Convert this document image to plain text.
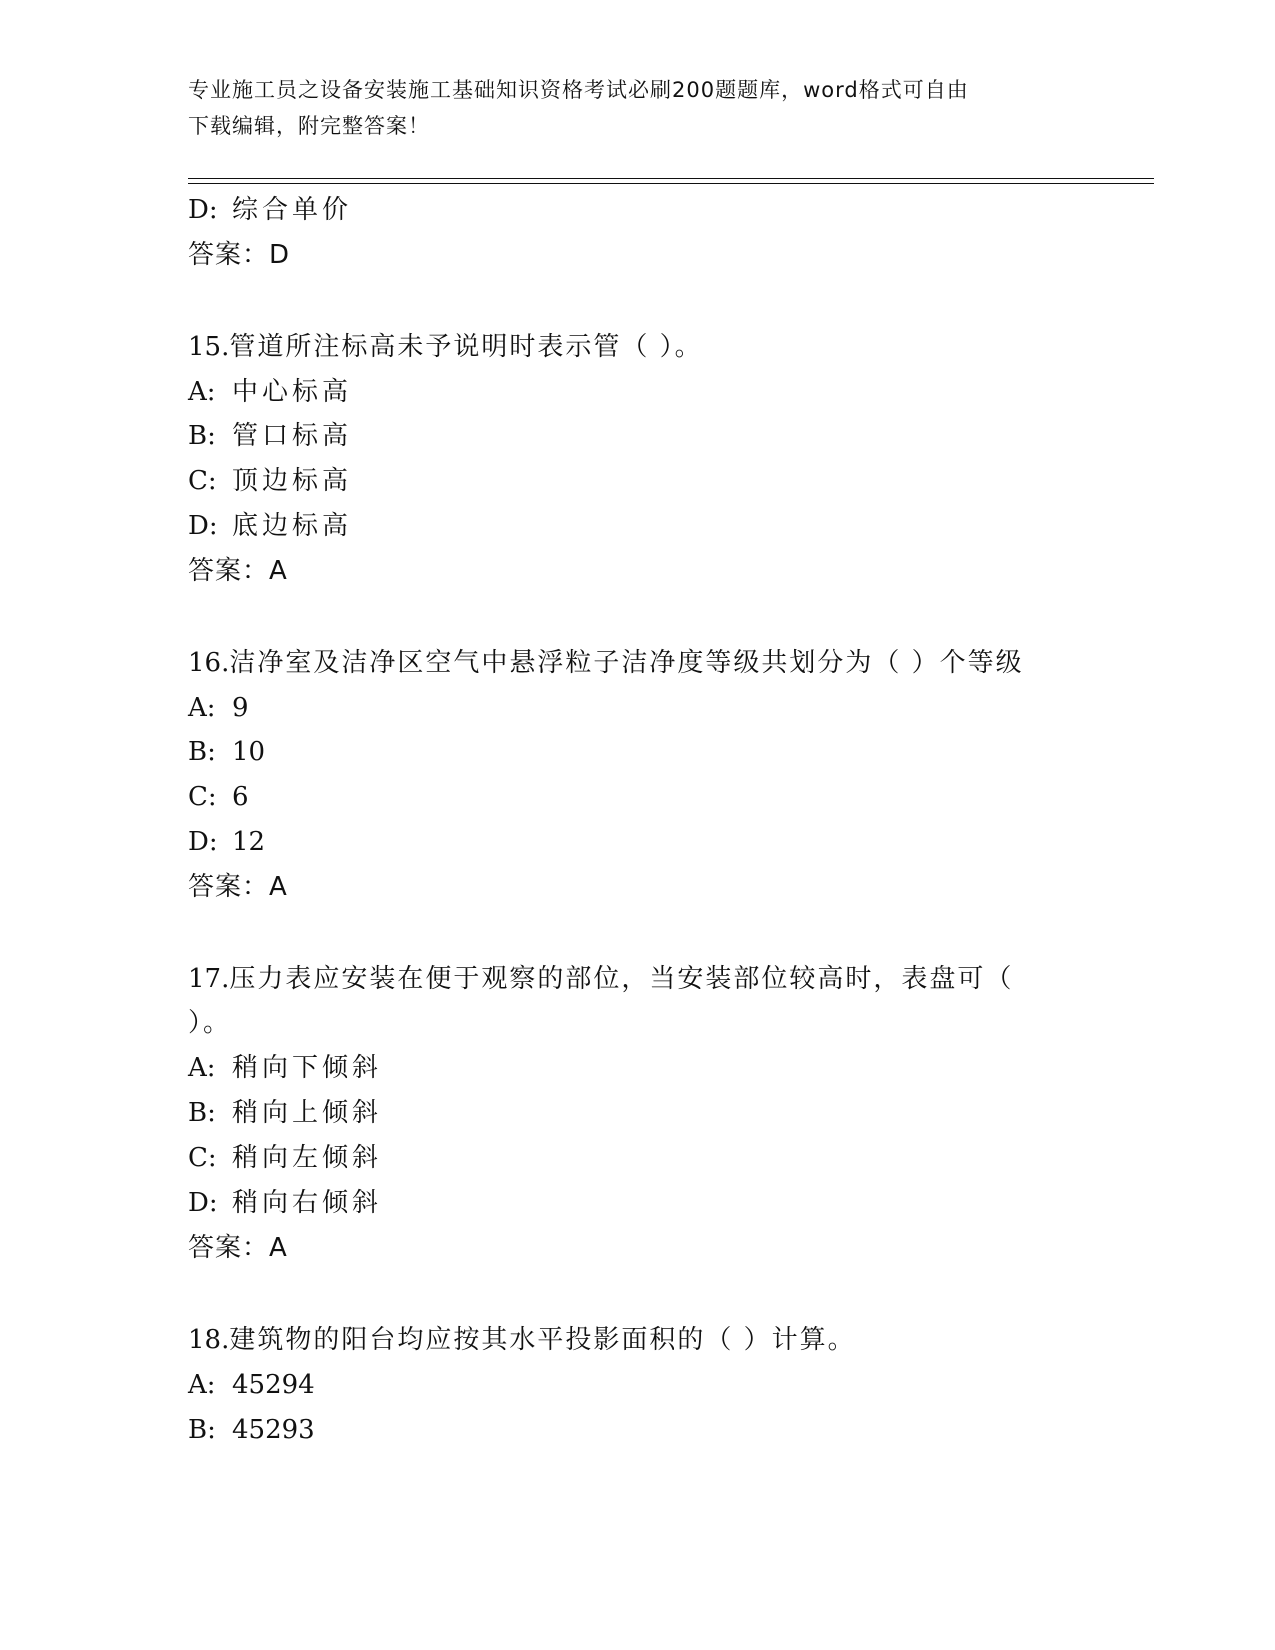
专业施工员之设备安装施工基础知识资格考试必刷200题题库，word格式可自由
下载编辑，附完整答案！
D: 综合单价
答案：D
15.管道所注标高未予说明时表示管（ ）。
A: 中心标高
B: 管口标高
C: 顶边标高
D: 底边标高
答案：A
16.洁净室及洁净区空气中悬浮粒子洁净度等级共划分为（ ）个等级
A: 9
B: 10
C: 6
D: 12
答案：A
17.压力表应安装在便于观察的部位，当安装部位较高时，表盘可（
）。
A: 稍向下倾斜
B: 稍向上倾斜
C: 稍向左倾斜
D: 稍向右倾斜
答案：A
18.建筑物的阳台均应按其水平投影面积的（ ）计算。
A: 45294
B: 45293
